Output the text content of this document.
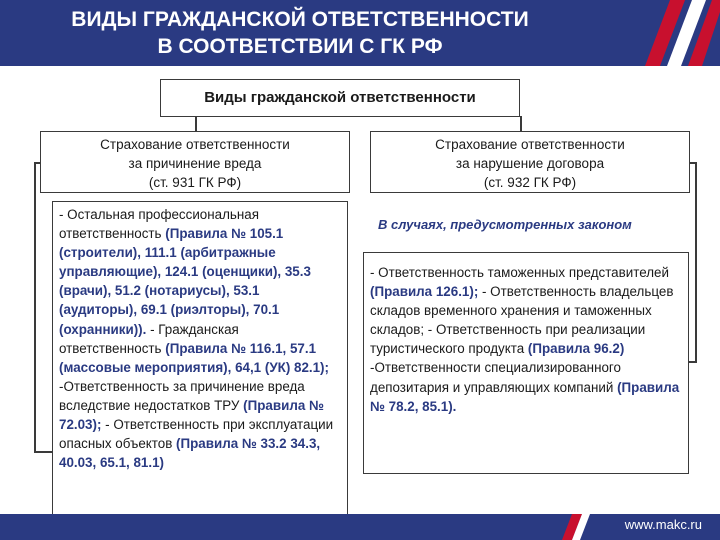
ВИДЫ ГРАЖДАНСКОЙ ОТВЕТСТВЕННОСТИ
В СООТВЕТСТВИИ С ГК РФ
Виды гражданской ответственности
Страхование ответственности
за причинение вреда
(ст. 931 ГК РФ)
Страхование ответственности
за нарушение договора
(ст. 932 ГК РФ)
- Остальная профессиональная ответственность (Правила № 105.1 (строители), 111.1 (арбитражные управляющие), 124.1 (оценщики), 35.3 (врачи), 51.2 (нотариусы), 53.1 (аудиторы), 69.1 (риэлторы), 70.1 (охранники)). - Гражданская ответственность (Правила № 116.1, 57.1 (массовые мероприятия), 64,1 (УК) 82.1); -Ответственность за причинение вреда вследствие недостатков ТРУ (Правила № 72.03); - Ответственность при эксплуатации опасных объектов (Правила № 33.2 34.3, 40.03, 65.1, 81.1)
В случаях, предусмотренных законом
- Ответственность таможенных представителей (Правила 126.1); - Ответственность владельцев складов временного хранения и таможенных складов; - Ответственность при реализации туристического продукта (Правила 96.2) -Ответственности специализированного депозитария и управляющих компаний (Правила № 78.2, 85.1).
www.makc.ru
